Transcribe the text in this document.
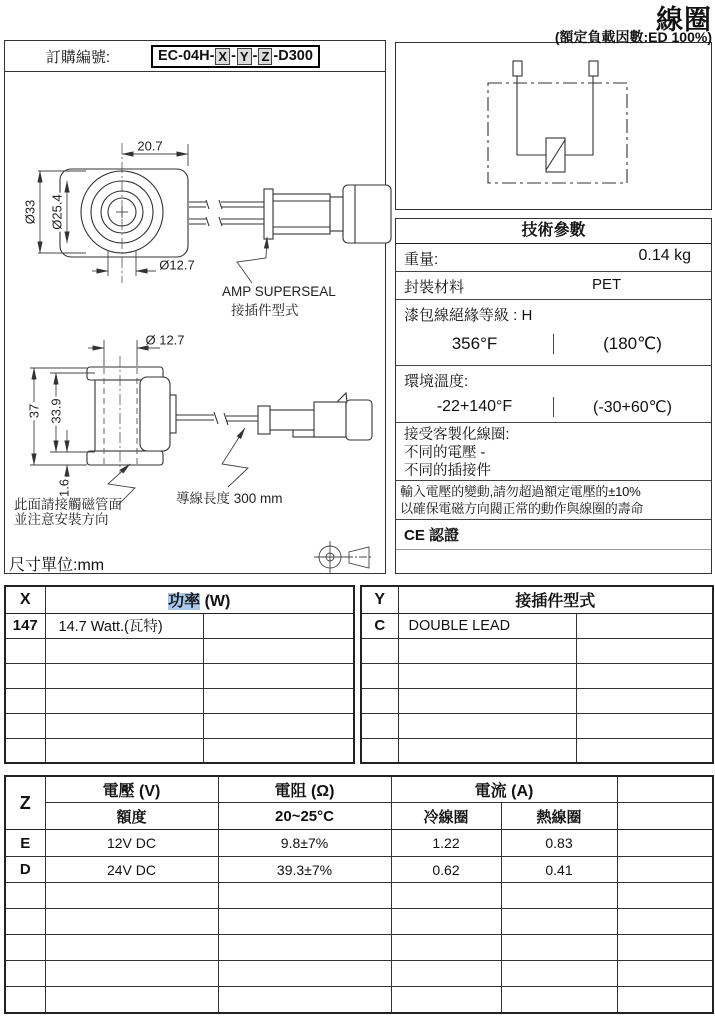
線圈
(額定負載因數:ED 100%)
訂購編號:	EC-04H- X - Y - Z -D300
技術參數
重量:	0.14 kg
封裝材料	PET
漆包線絕緣等級 : H
356°F	(180℃)
環境溫度:
-22+140°F	(-30+60℃)
接受客製化線圈:
不同的電壓 -
不同的插接件
輸入電壓的變動,請勿超過額定電壓的±10%
以確保電磁方向閥正常的動作與線圈的壽命
CE 認證
20.7
Ø33 Ø25.4
Ø12.7
AMP SUPERSEAL
接插件型式
Ø 12.7
37 33.9
1.6
導線長度 300 mm
此面請接觸磁管面
並注意安裝方向
尺寸單位:mm
X	功率 (W)	
147	14.7 Watt.(瓦特)	

Y	接插件型式	
C	DOUBLE LEAD	

Z	電壓 (V)	電阻 (Ω)	電流 (A)		
	額度	20~25°C	冷線圈	熱線圈	
E	12V DC	9.8±7%	1.22	0.83	
D	24V DC	39.3±7%	0.62	0.41	
